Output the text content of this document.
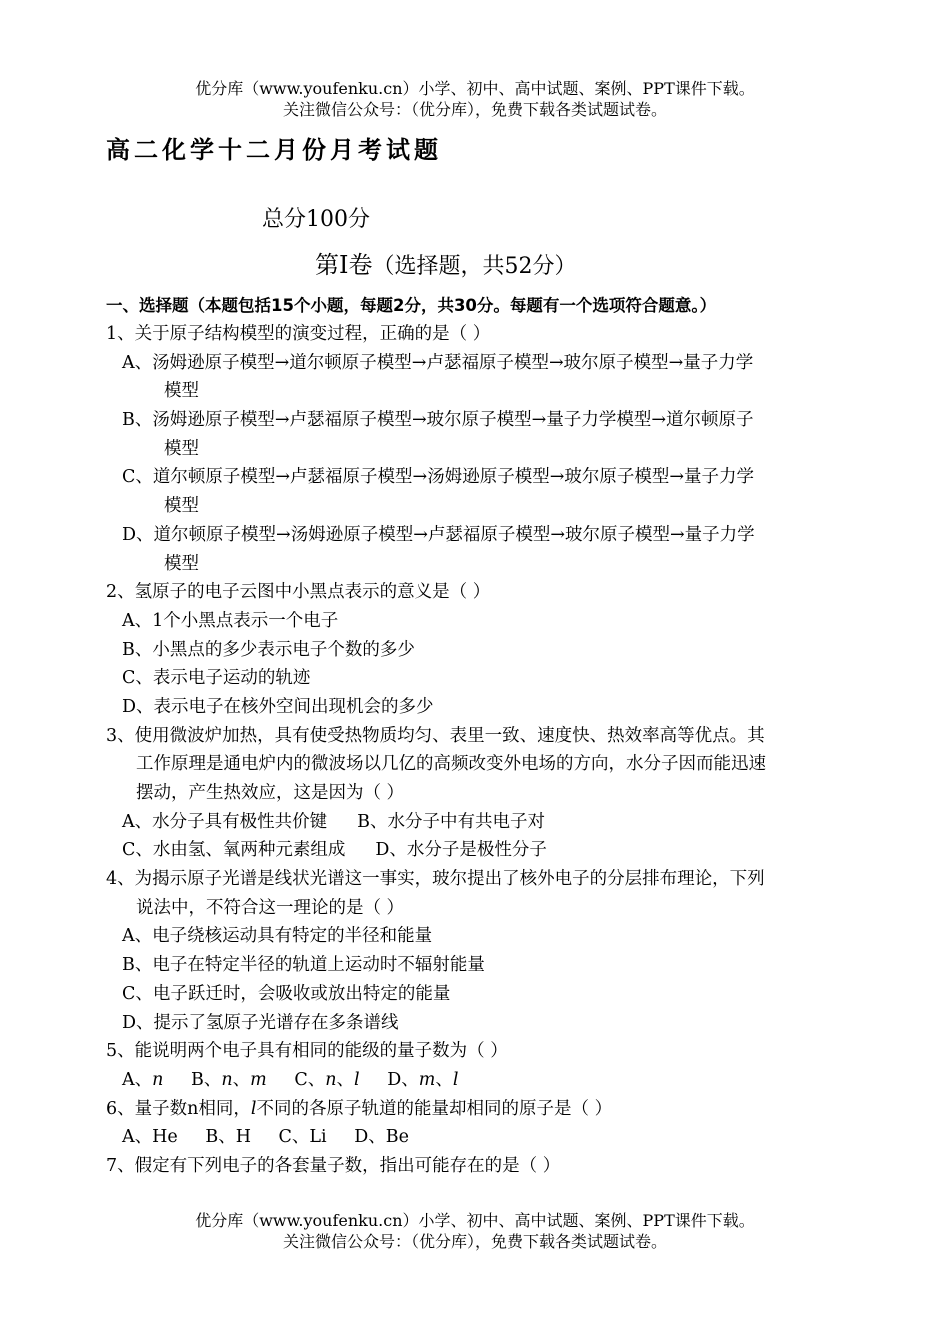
优分库（www.youfenku.cn）小学、初中、高中试题、案例、PPT课件下载。
关注微信公众号：（优分库），免费下载各类试题试卷。
高二化学十二月份月考试题
总分100分
第Ⅰ卷（选择题，共52分）
一、选择题（本题包括15个小题，每题2分，共30分。每题有一个选项符合题意。）
1、关于原子结构模型的演变过程，正确的是（ ）
A、汤姆逊原子模型→道尔顿原子模型→卢瑟福原子模型→玻尔原子模型→量子力学
模型
B、汤姆逊原子模型→卢瑟福原子模型→玻尔原子模型→量子力学模型→道尔顿原子
模型
C、道尔顿原子模型→卢瑟福原子模型→汤姆逊原子模型→玻尔原子模型→量子力学
模型
D、道尔顿原子模型→汤姆逊原子模型→卢瑟福原子模型→玻尔原子模型→量子力学
模型
2、氢原子的电子云图中小黑点表示的意义是（ ）
A、1个小黑点表示一个电子
B、小黑点的多少表示电子个数的多少
C、表示电子运动的轨迹
D、表示电子在核外空间出现机会的多少
3、使用微波炉加热，具有使受热物质均匀、表里一致、速度快、热效率高等优点。其
工作原理是通电炉内的微波场以几亿的高频改变外电场的方向，水分子因而能迅速
摆动，产生热效应，这是因为（ ）
A、水分子具有极性共价键 B、水分子中有共电子对
C、水由氢、氧两种元素组成 D、水分子是极性分子
4、为揭示原子光谱是线状光谱这一事实，玻尔提出了核外电子的分层排布理论，下列
说法中，不符合这一理论的是（ ）
A、电子绕核运动具有特定的半径和能量
B、电子在特定半径的轨道上运动时不辐射能量
C、电子跃迁时，会吸收或放出特定的能量
D、提示了氢原子光谱存在多条谱线
5、能说明两个电子具有相同的能级的量子数为（ ）
A、n B、n、m C、n、l D、m、l
6、量子数n相同，l不同的各原子轨道的能量却相同的原子是（ ）
A、He B、H C、Li D、Be
7、假定有下列电子的各套量子数，指出可能存在的是（ ）
优分库（www.youfenku.cn）小学、初中、高中试题、案例、PPT课件下载。
关注微信公众号：（优分库），免费下载各类试题试卷。
